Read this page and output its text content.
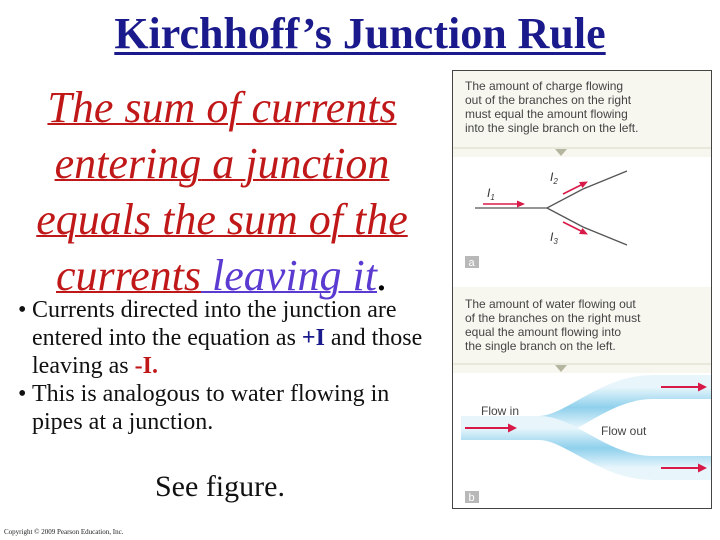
Kirchhoff’s Junction Rule
The sum of currents
entering a junction
equals the sum of the
currents leaving it.
• Currents directed into the junction are entered into the equation as +I and those leaving as -I.
• This is analogous to water flowing in pipes at a junction.
See figure.
Copyright © 2009 Pearson Education, Inc.
The amount of charge flowing
out of the branches on the right
must equal the amount flowing
into the single branch on the left.
The amount of water flowing out
of the branches on the right must
equal the amount flowing into
the single branch on the left.
$I_1$
$I_2$
$I_3$
a
Flow in
Flow out
b
